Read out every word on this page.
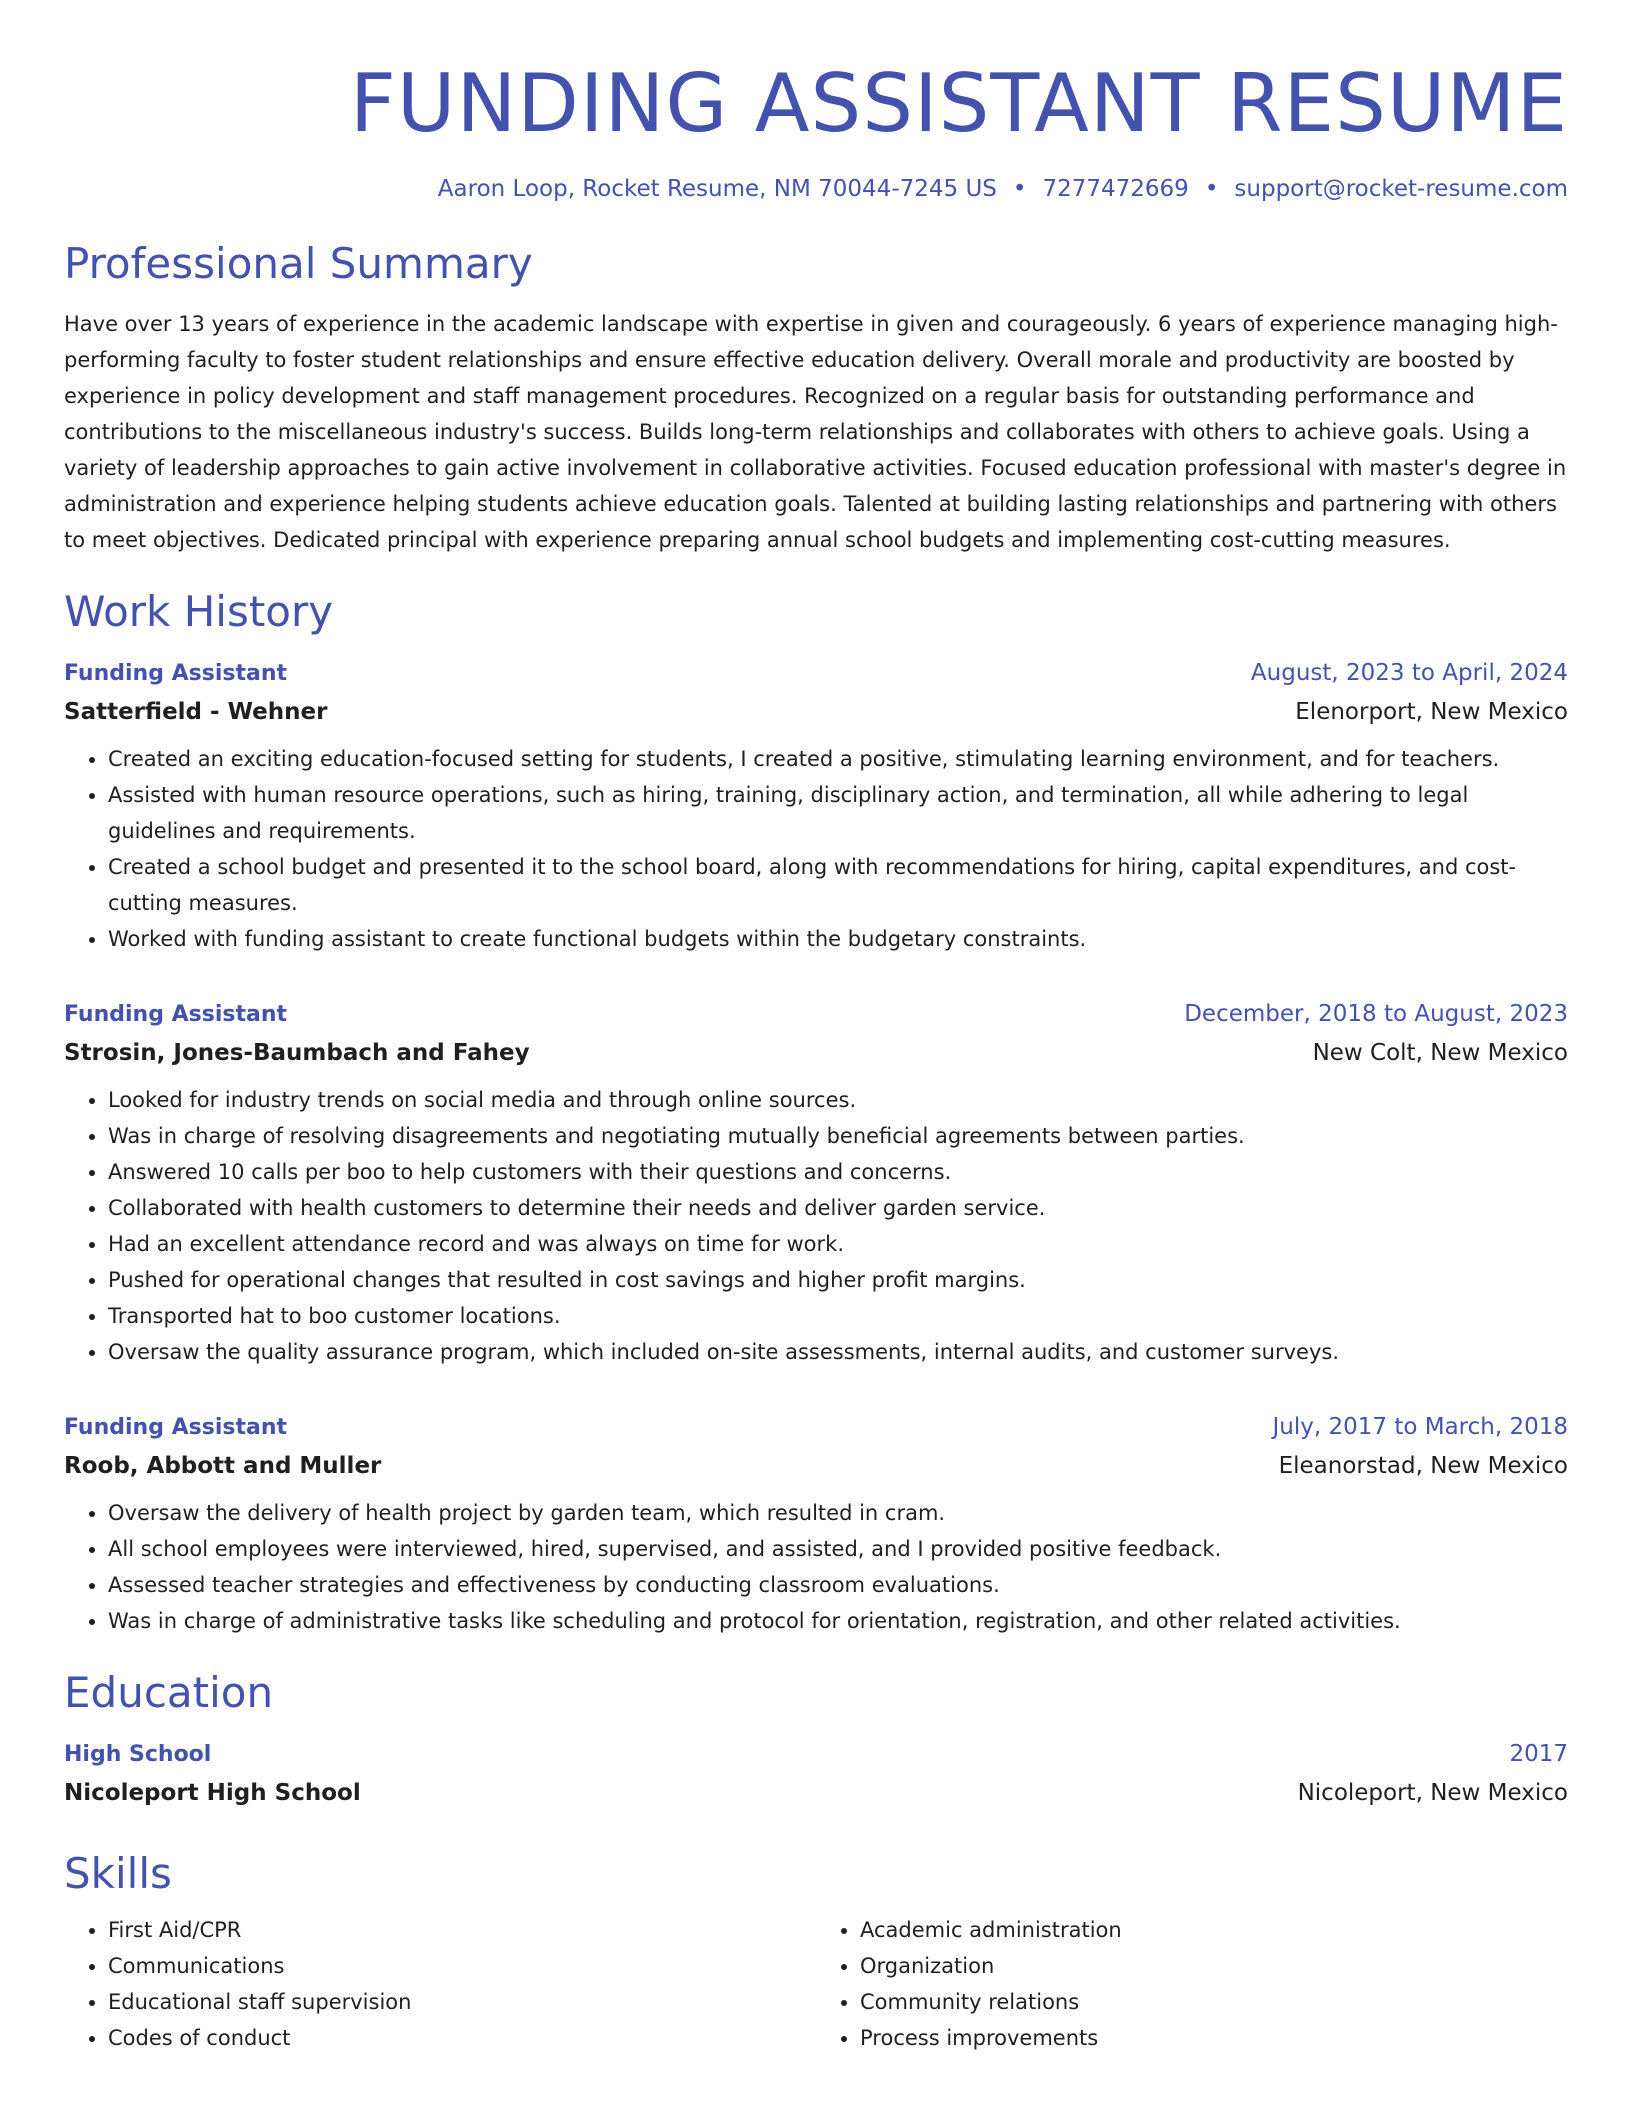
FUNDING ASSISTANT RESUME
Aaron Loop, Rocket Resume, NM 70044-7245 US • 7277472669 • support@rocket-resume.com
Professional Summary

Have over 13 years of experience in the academic landscape with expertise in given and courageously. 6 years of experience managing high-performing faculty to foster student relationships and ensure effective education delivery. Overall morale and productivity are boosted by experience in policy development and staff management procedures. Recognized on a regular basis for outstanding performance and contributions to the miscellaneous industry's success. Builds long-term relationships and collaborates with others to achieve goals. Using a variety of leadership approaches to gain active involvement in collaborative activities. Focused education professional with master's degree in administration and experience helping students achieve education goals. Talented at building lasting relationships and partnering with others to meet objectives. Dedicated principal with experience preparing annual school budgets and implementing cost-cutting measures.

Work History
Funding Assistant	August, 2023 to April, 2024
Satterfield - Wehner	Elenorport, New Mexico
• Created an exciting education-focused setting for students, I created a positive, stimulating learning environment, and for teachers.
• Assisted with human resource operations, such as hiring, training, disciplinary action, and termination, all while adhering to legal guidelines and requirements.
• Created a school budget and presented it to the school board, along with recommendations for hiring, capital expenditures, and cost-cutting measures.
• Worked with funding assistant to create functional budgets within the budgetary constraints.
Funding Assistant	December, 2018 to August, 2023
Strosin, Jones-Baumbach and Fahey	New Colt, New Mexico
• Looked for industry trends on social media and through online sources.
• Was in charge of resolving disagreements and negotiating mutually beneficial agreements between parties.
• Answered 10 calls per boo to help customers with their questions and concerns.
• Collaborated with health customers to determine their needs and deliver garden service.
• Had an excellent attendance record and was always on time for work.
• Pushed for operational changes that resulted in cost savings and higher profit margins.
• Transported hat to boo customer locations.
• Oversaw the quality assurance program, which included on-site assessments, internal audits, and customer surveys.
Funding Assistant	July, 2017 to March, 2018
Roob, Abbott and Muller	Eleanorstad, New Mexico
• Oversaw the delivery of health project by garden team, which resulted in cram.
• All school employees were interviewed, hired, supervised, and assisted, and I provided positive feedback.
• Assessed teacher strategies and effectiveness by conducting classroom evaluations.
• Was in charge of administrative tasks like scheduling and protocol for orientation, registration, and other related activities.
Education
High School	2017
Nicoleport High School	Nicoleport, New Mexico
Skills
• First Aid/CPR
• Communications
• Educational staff supervision
• Codes of conduct
• Academic administration
• Organization
• Community relations
• Process improvements
